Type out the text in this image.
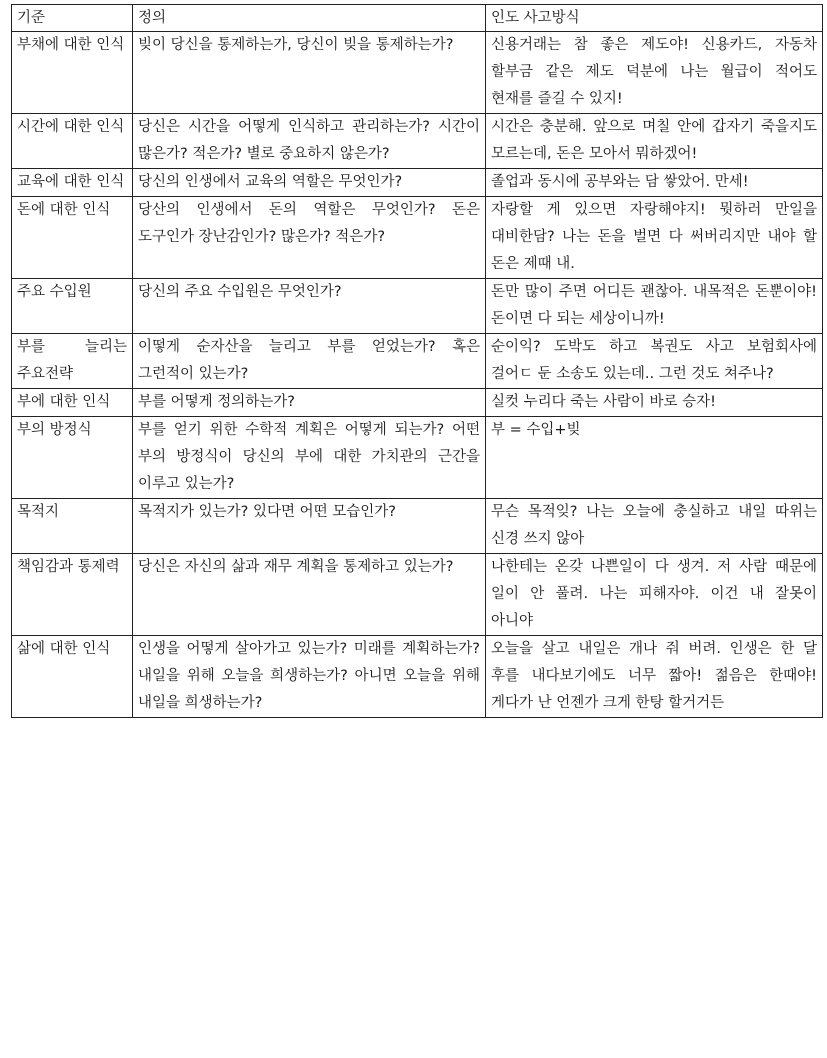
기준	정의	인도 사고방식
부채에 대한 인식	빚이 당신을 통제하는가, 당신이 빚을 통제하는가?	신용거래는 참 좋은 제도야! 신용카드, 자동차 할부금 같은 제도 덕분에 나는 월급이 적어도 현재를 즐길 수 있지!
시간에 대한 인식	당신은 시간을 어떻게 인식하고 관리하는가? 시간이 많은가? 적은가? 별로 중요하지 않은가?	시간은 충분해. 앞으로 며칠 안에 갑자기 죽을지도 모르는데, 돈은 모아서 뭐하겠어!
교육에 대한 인식	당신의 인생에서 교육의 역할은 무엇인가?	졸업과 동시에 공부와는 담 쌓았어. 만세!
돈에 대한 인식	당산의 인생에서 돈의 역할은 무엇인가? 돈은 도구인가 장난감인가? 많은가? 적은가?	자랑할 게 있으면 자랑해야지! 뭣하러 만일을 대비한담? 나는 돈을 벌면 다 써버리지만 내야 할 돈은 제때 내.
주요 수입원	당신의 주요 수입원은 무엇인가?	돈만 많이 주면 어디든 괜찮아. 내목적은 돈뿐이야! 돈이면 다 되는 세상이니까!
부를 늘리는 주요전략	이떻게 순자산을 늘리고 부를 얻었는가? 혹은 그런적이 있는가?	순이익? 도박도 하고 복권도 사고 보험회사에 걸어ㄷ 둔 소송도 있는데.. 그런 것도 쳐주나?
부에 대한 인식	부를 어떻게 정의하는가?	실컷 누리다 죽는 사람이 바로 승자!
부의 방정식	부를 얻기 위한 수학적 계획은 어떻게 되는가? 어떤 부의 방정식이 당신의 부에 대한 가치관의 근간을 이루고 있는가?	부 = 수입+빚
목적지	목적지가 있는가? 있다면 어떤 모습인가?	무슨 목적잊? 나는 오늘에 충실하고 내일 따위는 신경 쓰지 않아
책임감과 통제력	당신은 자신의 삶과 재무 계획을 통제하고 있는가?	나한테는 온갖 나쁜일이 다 생겨. 저 사람 때문에 일이 안 풀려. 나는 피해자야. 이건 내 잘못이 아니야
삶에 대한 인식	인생을 어떻게 살아가고 있는가? 미래를 계획하는가? 내일을 위해 오늘을 희생하는가? 아니면 오늘을 위해 내일을 희생하는가?	오늘을 살고 내일은 개나 줘 버려. 인생은 한 달 후를 내다보기에도 너무 짧아! 젊음은 한때야! 게다가 난 언젠가 크게 한탕 할거거든
